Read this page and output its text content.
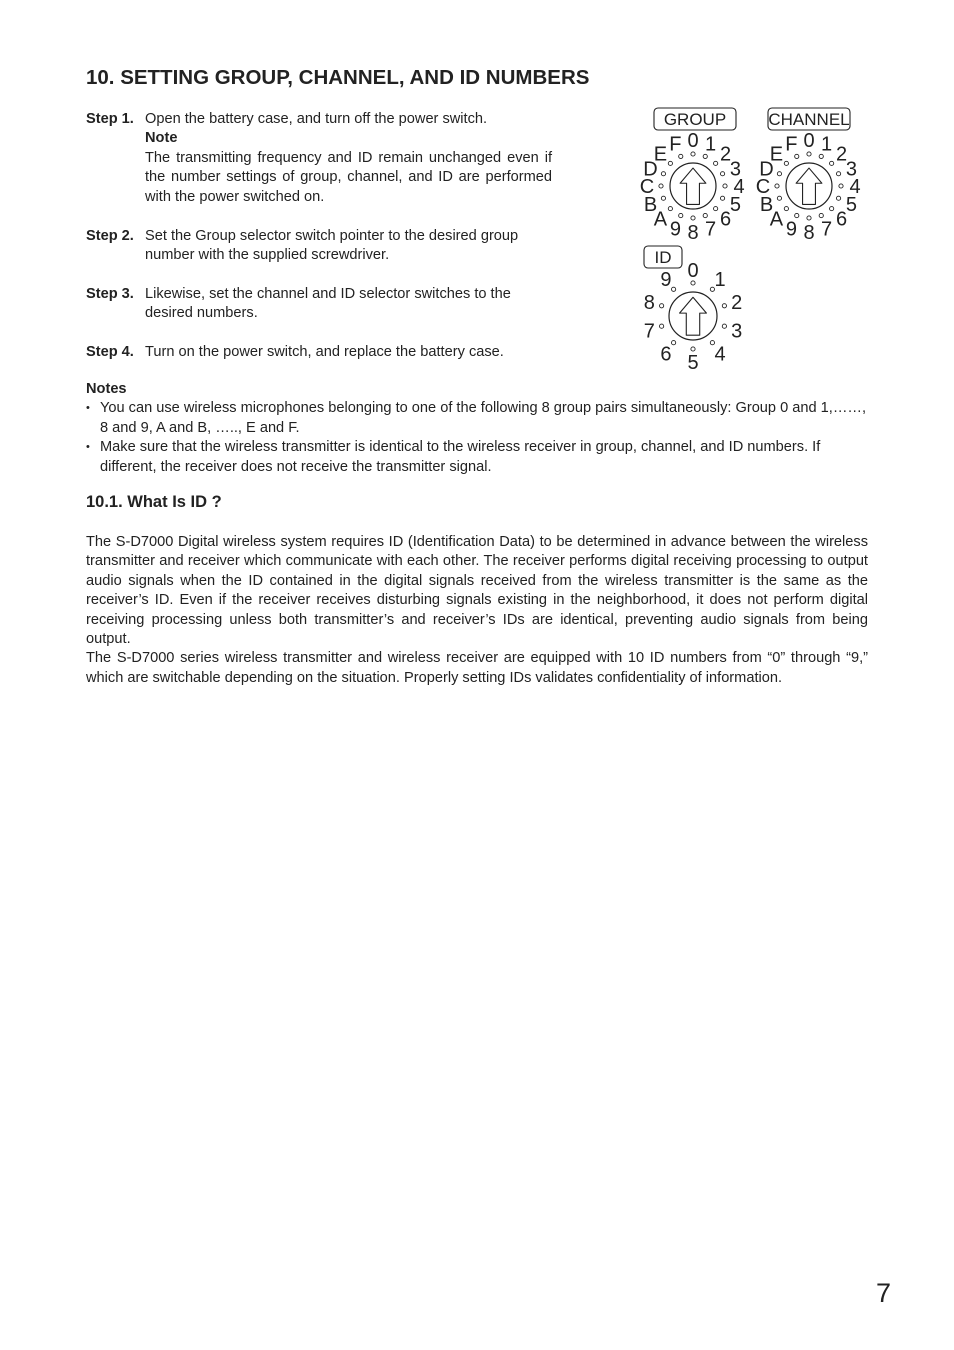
10. SETTING GROUP, CHANNEL, AND ID NUMBERS
Step 1. Open the battery case, and turn off the power switch.
Note
The transmitting frequency and ID remain unchanged even if the number settings of group, channel, and ID are performed with the power switched on.
Step 2. Set the Group selector switch pointer to the desired group number with the supplied screwdriver.
Step 3. Likewise, set the channel and ID selector switches to the desired numbers.
Step 4. Turn on the power switch, and replace the battery case.
GROUP
0 1 2
3
4
5
6
7
8
9
A
B
C
D
E F
CHANNEL
0 1 2
3
4
5
6
7
8
9
A
B
C
D
E F
ID
0 1
2
3
4
5
6
7
8
9
Notes
• You can use wireless microphones belonging to one of the following 8 group pairs simultaneously: Group 0 and 1,……, 8 and 9, A and B, ….., E and F.
• Make sure that the wireless transmitter is identical to the wireless receiver in group, channel, and ID numbers. If different, the receiver does not receive the transmitter signal.
10.1. What Is ID ?

The S-D7000 Digital wireless system requires ID (Identification Data) to be determined in advance between the wireless transmitter and receiver which communicate with each other. The receiver performs digital receiving processing to output audio signals when the ID contained in the digital signals received from the wireless transmitter is the same as the receiver’s ID. Even if the receiver receives disturbing signals existing in the neighborhood, it does not perform digital receiving processing unless both transmitter’s and receiver’s IDs are identical, preventing audio signals from being output.

The S-D7000 series wireless transmitter and wireless receiver are equipped with 10 ID numbers from “0” through “9,” which are switchable depending on the situation. Properly setting IDs validates confidentiality of information.

7
